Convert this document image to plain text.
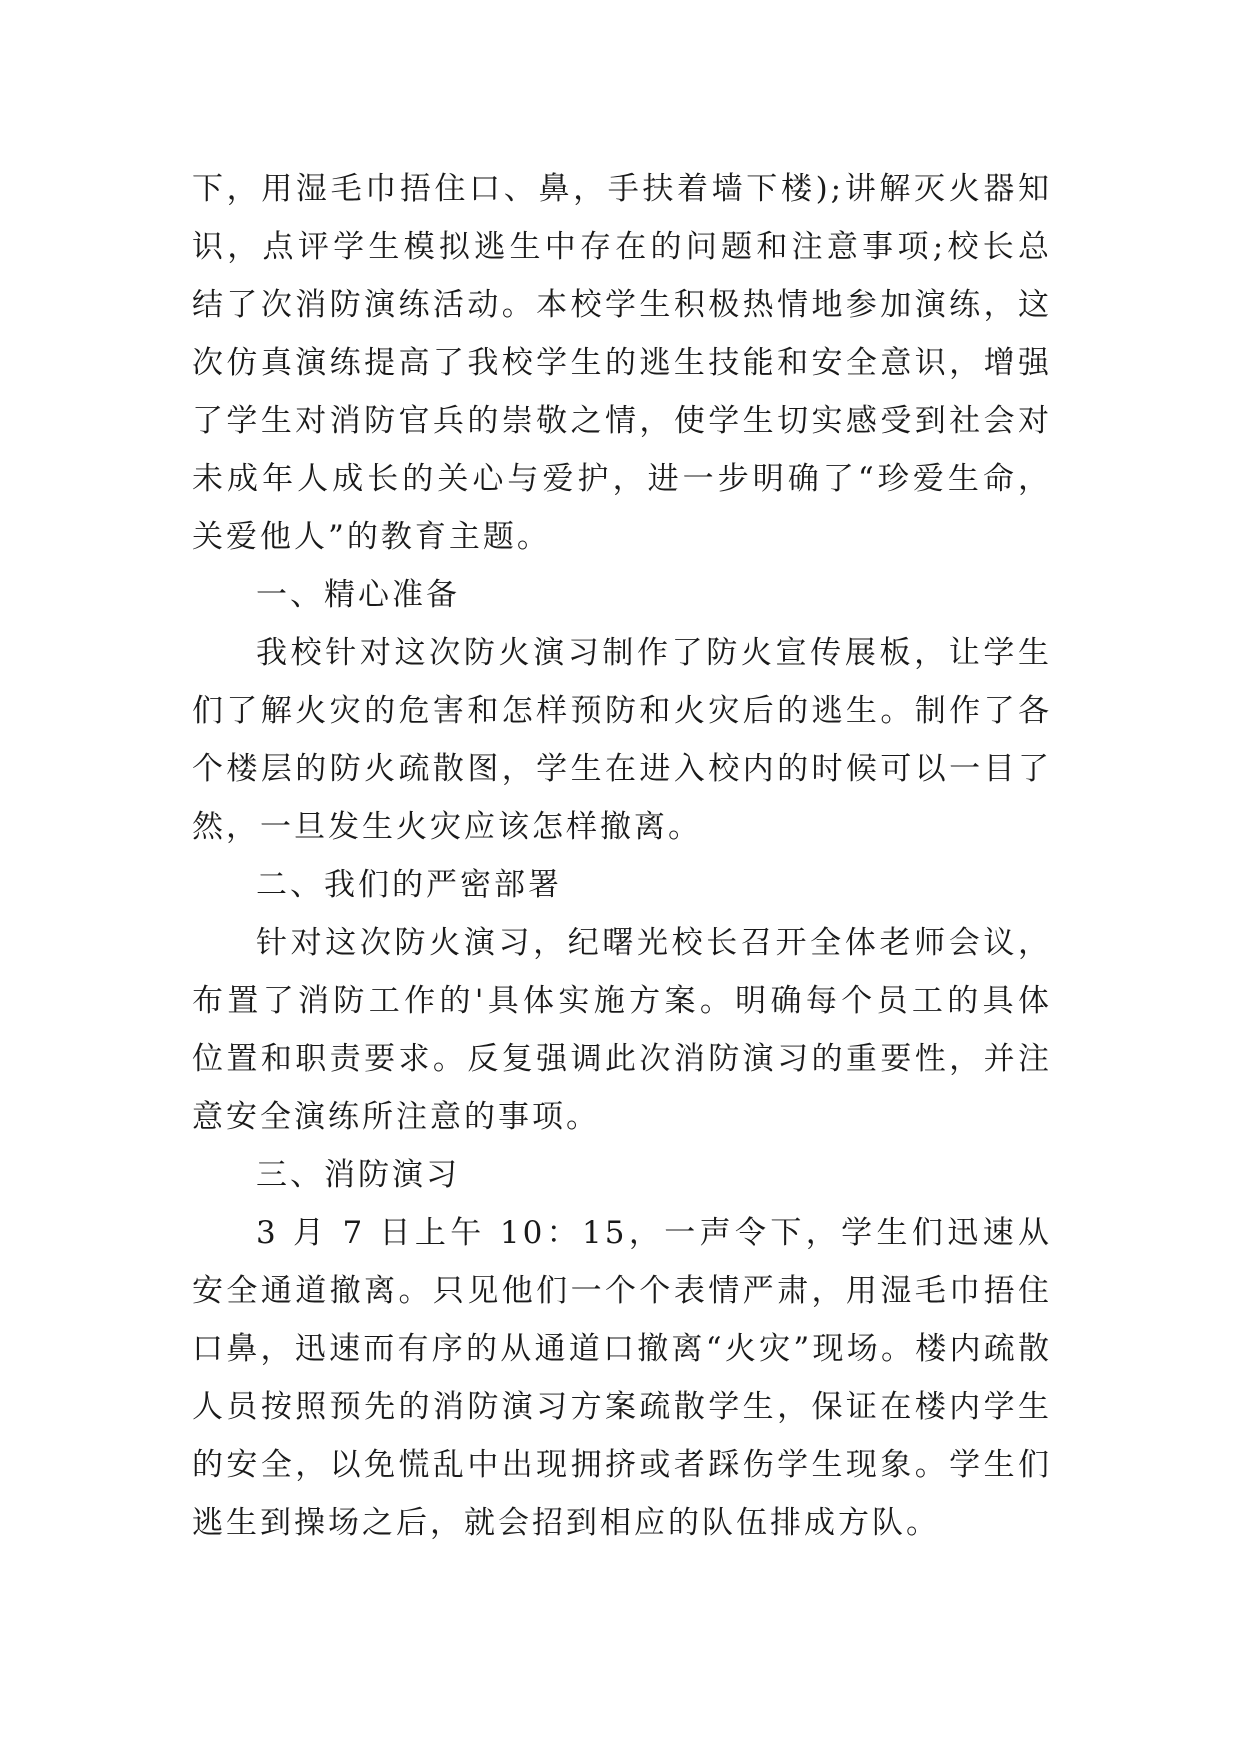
下，用湿毛巾捂住口、鼻，手扶着墙下楼);讲解灭火器知识，点评学生模拟逃生中存在的问题和注意事项;校长总结了次消防演练活动。本校学生积极热情地参加演练，这次仿真演练提高了我校学生的逃生技能和安全意识，增强了学生对消防官兵的崇敬之情，使学生切实感受到社会对未成年人成长的关心与爱护，进一步明确了“珍爱生命，关爱他人”的教育主题。

一、精心准备

我校针对这次防火演习制作了防火宣传展板，让学生们了解火灾的危害和怎样预防和火灾后的逃生。制作了各个楼层的防火疏散图，学生在进入校内的时候可以一目了然，一旦发生火灾应该怎样撤离。

二、我们的严密部署

针对这次防火演习，纪曙光校长召开全体老师会议，布置了消防工作的'具体实施方案。明确每个员工的具体位置和职责要求。反复强调此次消防演习的重要性，并注意安全演练所注意的事项。

三、消防演习

3 月 7 日上午 10：15，一声令下，学生们迅速从安全通道撤离。只见他们一个个表情严肃，用湿毛巾捂住口鼻，迅速而有序的从通道口撤离“火灾”现场。楼内疏散人员按照预先的消防演习方案疏散学生，保证在楼内学生的安全，以免慌乱中出现拥挤或者踩伤学生现象。学生们逃生到操场之后，就会招到相应的队伍排成方队。
